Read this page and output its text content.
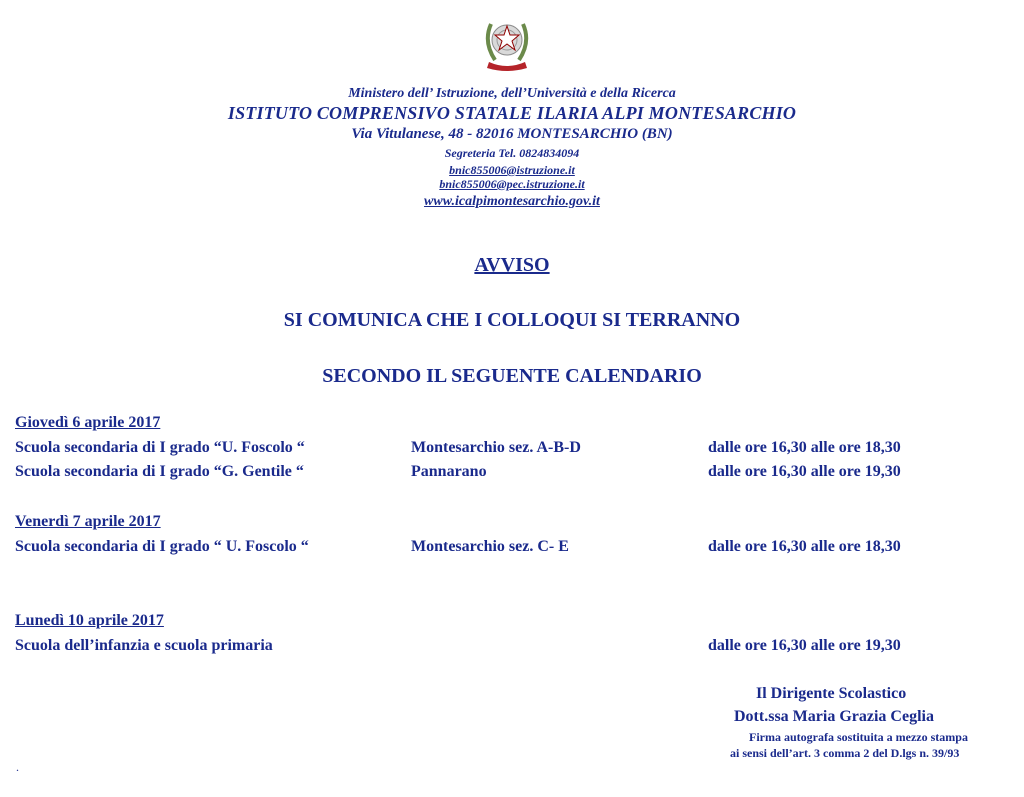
Ministero dell’ Istruzione, dell’Università e della Ricerca
ISTITUTO COMPRENSIVO STATALE ILARIA ALPI MONTESARCHIO
Via Vitulanese, 48 - 82016 MONTESARCHIO (BN)
Segreteria Tel. 0824834094
bnic855006@istruzione.it
bnic855006@pec.istruzione.it
www.icalpimontesarchio.gov.it
AVVISO
SI COMUNICA CHE I COLLOQUI SI TERRANNO
SECONDO IL SEGUENTE CALENDARIO
Giovedì 6 aprile 2017
Scuola secondaria di I grado “U. Foscolo “	Montesarchio sez. A-B-D	dalle ore 16,30 alle ore 18,30
Scuola secondaria di I grado “G. Gentile “	Pannarano	dalle ore 16,30 alle ore 19,30
Venerdì 7 aprile 2017
Scuola secondaria di I grado “ U. Foscolo “	Montesarchio sez. C- E	dalle ore 16,30 alle ore 18,30
Lunedì 10 aprile 2017
Scuola dell’infanzia e scuola primaria	dalle ore 16,30 alle ore 19,30
Il Dirigente Scolastico
Dott.ssa Maria Grazia Ceglia
Firma autografa sostituita a mezzo stampa
ai sensi dell’art. 3 comma 2 del D.lgs n. 39/93
.
